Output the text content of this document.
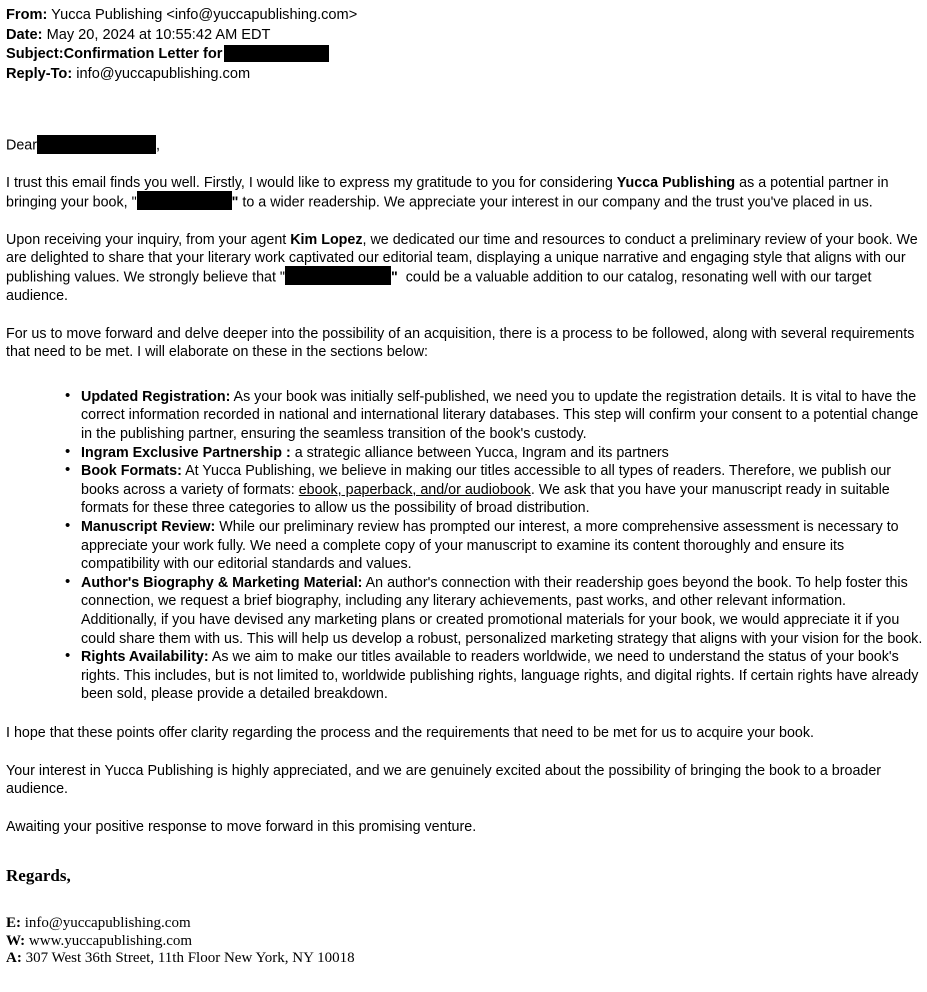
From: Yucca Publishing <info@yuccapublishing.com>
Date: May 20, 2024 at 10:55:42 AM EDT
Subject:Confirmation Letter for
Reply-To: info@yuccapublishing.com
Dear	,

I trust this email finds you well. Firstly, I would like to express my gratitude to you for considering Yucca Publishing as a potential partner in bringing your book, "	" to a wider readership. We appreciate your interest in our company and the trust you've placed in us.

Upon receiving your inquiry, from your agent Kim Lopez, we dedicated our time and resources to conduct a preliminary review of your book. We are delighted to share that your literary work captivated our editorial team, displaying a unique narrative and engaging style that aligns with our publishing values. We strongly believe that "	"  could be a valuable addition to our catalog, resonating well with our target audience.

For us to move forward and delve deeper into the possibility of an acquisition, there is a process to be followed, along with several requirements that need to be met. I will elaborate on these in the sections below:

• Updated Registration: As your book was initially self-published, we need you to update the registration details. It is vital to have the correct information recorded in national and international literary databases. This step will confirm your consent to a potential change in the publishing partner, ensuring the seamless transition of the book's custody.
• Ingram Exclusive Partnership : a strategic alliance between Yucca, Ingram and its partners
• Book Formats: At Yucca Publishing, we believe in making our titles accessible to all types of readers. Therefore, we publish our books across a variety of formats: ebook, paperback, and/or audiobook. We ask that you have your manuscript ready in suitable formats for these three categories to allow us the possibility of broad distribution.
• Manuscript Review: While our preliminary review has prompted our interest, a more comprehensive assessment is necessary to appreciate your work fully. We need a complete copy of your manuscript to examine its content thoroughly and ensure its compatibility with our editorial standards and values.
• Author's Biography & Marketing Material: An author's connection with their readership goes beyond the book. To help foster this connection, we request a brief biography, including any literary achievements, past works, and other relevant information. Additionally, if you have devised any marketing plans or created promotional materials for your book, we would appreciate it if you could share them with us. This will help us develop a robust, personalized marketing strategy that aligns with your vision for the book.
• Rights Availability: As we aim to make our titles available to readers worldwide, we need to understand the status of your book's rights. This includes, but is not limited to, worldwide publishing rights, language rights, and digital rights. If certain rights have already been sold, please provide a detailed breakdown.

I hope that these points offer clarity regarding the process and the requirements that need to be met for us to acquire your book.

Your interest in Yucca Publishing is highly appreciated, and we are genuinely excited about the possibility of bringing the book to a broader audience.

Awaiting your positive response to move forward in this promising venture.

Regards,

E: info@yuccapublishing.com
W: www.yuccapublishing.com
A: 307 West 36th Street, 11th Floor New York, NY 10018
